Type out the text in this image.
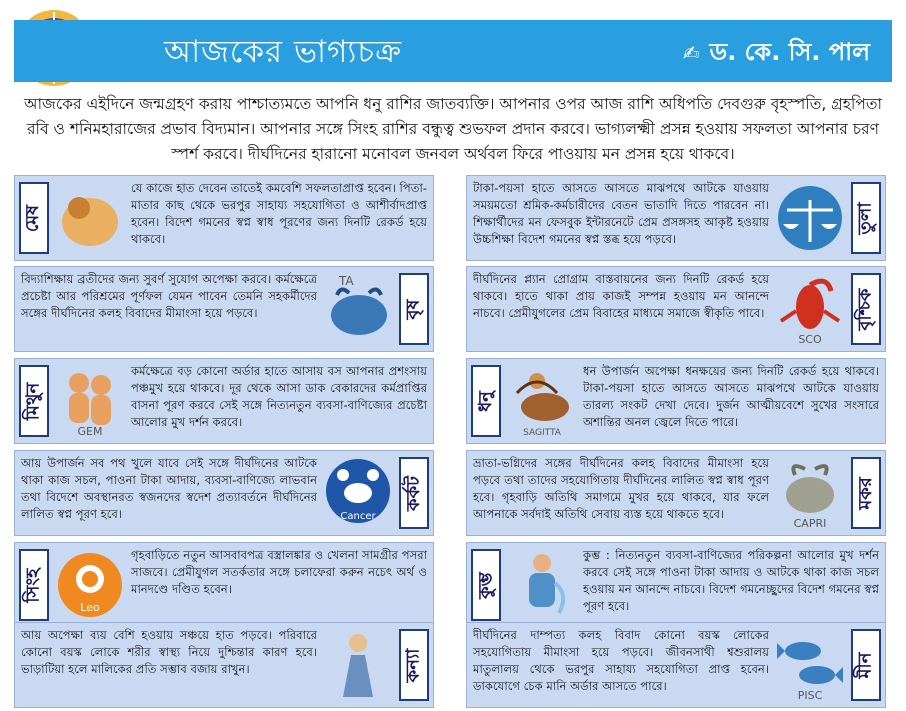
আজকের ভাগ্যচক্র	✍ ড. কে. সি. পাল
আজকের এইদিনে জন্মগ্রহণ করায় পাশ্চাত্যমতে আপনি ধনু রাশির জাতব্যক্তি। আপনার ওপর আজ রাশি অধিপতি দেবগুরু বৃহস্পতি, গ্রহপিতা রবি ও শনিমহারাজের প্রভাব বিদ্যমান। আপনার সঙ্গে সিংহ রাশির বন্ধুত্ব শুভফল প্রদান করবে। ভাগ্যলক্ষ্মী প্রসন্ন হওয়ায় সফলতা আপনার চরণ স্পর্শ করবে। দীর্ঘদিনের হারানো মনোবল জনবল অর্থবল ফিরে পাওয়ায় মন প্রসন্ন হয়ে থাকবে।
মেষ
যে কাজে হাত দেবেন তাতেই কমবেশি সফলতাপ্রাপ্ত হবেন। পিতা-মাতার কাছ থেকে ভরপুর সাহায্য সহযোগিতা ও আশীর্বাদপ্রাপ্ত হবেন। বিদেশ গমনের স্বপ্ন স্বাধ পূরণের জন্য দিনটি রেকর্ড হয়ে থাকবে।
তুলা
টাকা-পয়সা হাতে আসতে আসতে মাঝপথে আটকে যাওয়ায় সময়মতো শ্রমিক-কর্মচারীদের বেতন ভাতাদি দিতে পারবেন না। শিক্ষার্থীদের মন ফেসবুক ইন্টারনেটে প্রেম প্রসঙ্গসহ আকৃষ্ট হওয়ায় উচ্চশিক্ষা বিদেশ গমনের স্বপ্ন স্তব্ধ হয়ে পড়বে।
TA
বৃষ
বিদ্যাশিক্ষায় ব্রতীদের জন্য সুবর্ণ সুযোগ অপেক্ষা করবে। কর্মক্ষেত্রে প্রচেষ্টা আর পরিশ্রমের পূর্ণফল যেমন পাবেন তেমনি সহকর্মীদের সঙ্গের দীর্ঘদিনের কলহ বিবাদের মীমাংসা হয়ে পড়বে।	বৃশ্চিক
SCO
দীর্ঘদিনের প্ল্যান প্রোগ্রাম বাস্তবায়নের জন্য দিনটি রেকর্ড হয়ে থাকবে। হাতে থাকা প্রায় কাজই সম্পন্ন হওয়ায় মন আনন্দে নাচবে। প্রেমীযুগলের প্রেম বিবাহের মাধ্যমে সমাজে স্বীকৃতি পাবে।
মিথুন
GEM
কর্মক্ষেত্রে বড় কোনো অর্ডার হাতে আসায় বস আপনার প্রশংসায় পঞ্চমুখ হয়ে থাকবে। দূর থেকে আসা ডাক বেকারদের কর্মপ্রাপ্তির বাসনা পূরণ করবে সেই সঙ্গে নিত্যনতুন ব্যবসা-বাণিজ্যের প্রচেষ্টা আলোর মুখ দর্শন করবে।
ধনু
SAGITTA
ধন উপার্জন অপেক্ষা ধনক্ষয়ের জন্য দিনটি রেকর্ড হয়ে থাকবে। টাকা-পয়সা হাতে আসতে আসতে মাঝপথে আটকে যাওয়ায় তারল্য সংকট দেখা দেবে। দুর্জন আত্মীয়বেশে সুখের সংসারে অশান্তির অনল জ্বেলে দিতে পারে।
Cancer
কর্কট
আয় উপার্জন সব পথ খুলে যাবে সেই সঙ্গে দীর্ঘদিনের আটকে থাকা কাজ সচল, পাওনা টাকা আদায়, ব্যবসা-বাণিজ্যে লাভবান তথা বিদেশে অবস্থানরত স্বজনদের স্বদেশ প্রত্যাবর্তনে দীর্ঘদিনের লালিত স্বপ্ন পূরণ হবে।
মকর
CAPRI
ভ্রাতা-ভগ্নিদের সঙ্গের দীর্ঘদিনের কলহ বিবাদের মীমাংসা হয়ে পড়বে তথা তাদের সহযোগিতায় দীর্ঘদিনের লালিত স্বপ্ন স্বাধ পূরণ হবে। গৃহবাড়ি অতিথি সমাগমে মুখর হয়ে থাকবে, যার ফলে আপনাকে সর্বদাই অতিথি সেবায় ব্যস্ত হয়ে থাকতে হবে।
সিংহ
Leo
গৃহবাড়িতে নতুন আসবাবপত্র বস্ত্রালঙ্কার ও খেলনা সামগ্রীর পসরা সাজবে। প্রেমীযুগল সতর্কতার সঙ্গে চলাফেরা করুন নচেৎ অর্থ ও মানদণ্ডে দণ্ডিত হবেন।	কুম্ভ
কুম্ভ : নিত্যনতুন ব্যবসা-বাণিজ্যের পরিকল্পনা আলোর মুখ দর্শন করবে সেই সঙ্গে পাওনা টাকা আদায় ও আটকে থাকা কাজ সচল হওয়ায় মন আনন্দে নাচবে। বিদেশ গমনেচ্ছুদের বিদেশ গমনের স্বপ্ন পূরণ হবে।
কন্যা
আয় অপেক্ষা ব্যয় বেশি হওয়ায় সঞ্চয়ে হাত পড়বে। পরিবারে কোনো বয়স্ক লোকে শরীর স্বাস্থ্য নিয়ে দুশ্চিন্তার কারণ হবে। ভাড়াটিয়া হলে মালিকের প্রতি সম্ভাব বজায় রাখুন।	মীন
PISC
দীর্ঘদিনের দাম্পত্য কলহ বিবাদ কোনো বয়স্ক লোকের সহযোগিতায় মীমাংসা হয়ে পড়বে। জীবনসাথী শ্বশুরালয় মাতুলালয় থেকে ভরপুর সাহায্য সহযোগিতা প্রাপ্ত হবেন। ডাকযোগে চেক মানি অর্ডার আসতে পারে।
